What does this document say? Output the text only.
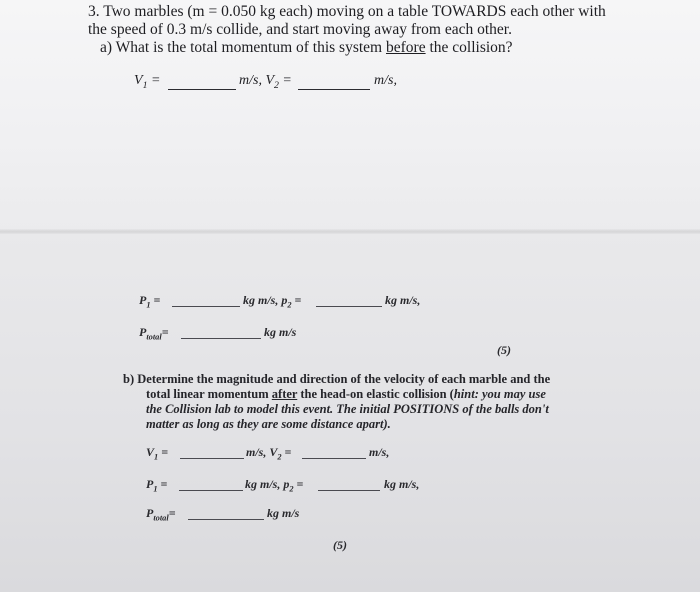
3. Two marbles (m = 0.050 kg each) moving on a table TOWARDS each other with
the speed of 0.3 m/s collide, and start moving away from each other.
a) What is the total momentum of this system before the collision?
$V_1$ =	m/s, $V_2$ =	m/s,
$P_1$ =	kg m/s, $p_2$ =	kg m/s,
$P_{total}=$	kg m/s
(5)
b) Determine the magnitude and direction of the velocity of each marble and the
total linear momentum after the head-on elastic collision (hint: you may use
the Collision lab to model this event. The initial POSITIONS of the balls don't
matter as long as they are some distance apart).
$V_1$ =	m/s, $V_2$ =	m/s,
$P_1$ =	kg m/s, $p_2$ =	kg m/s,
$P_{total}=$	kg m/s
(5)
